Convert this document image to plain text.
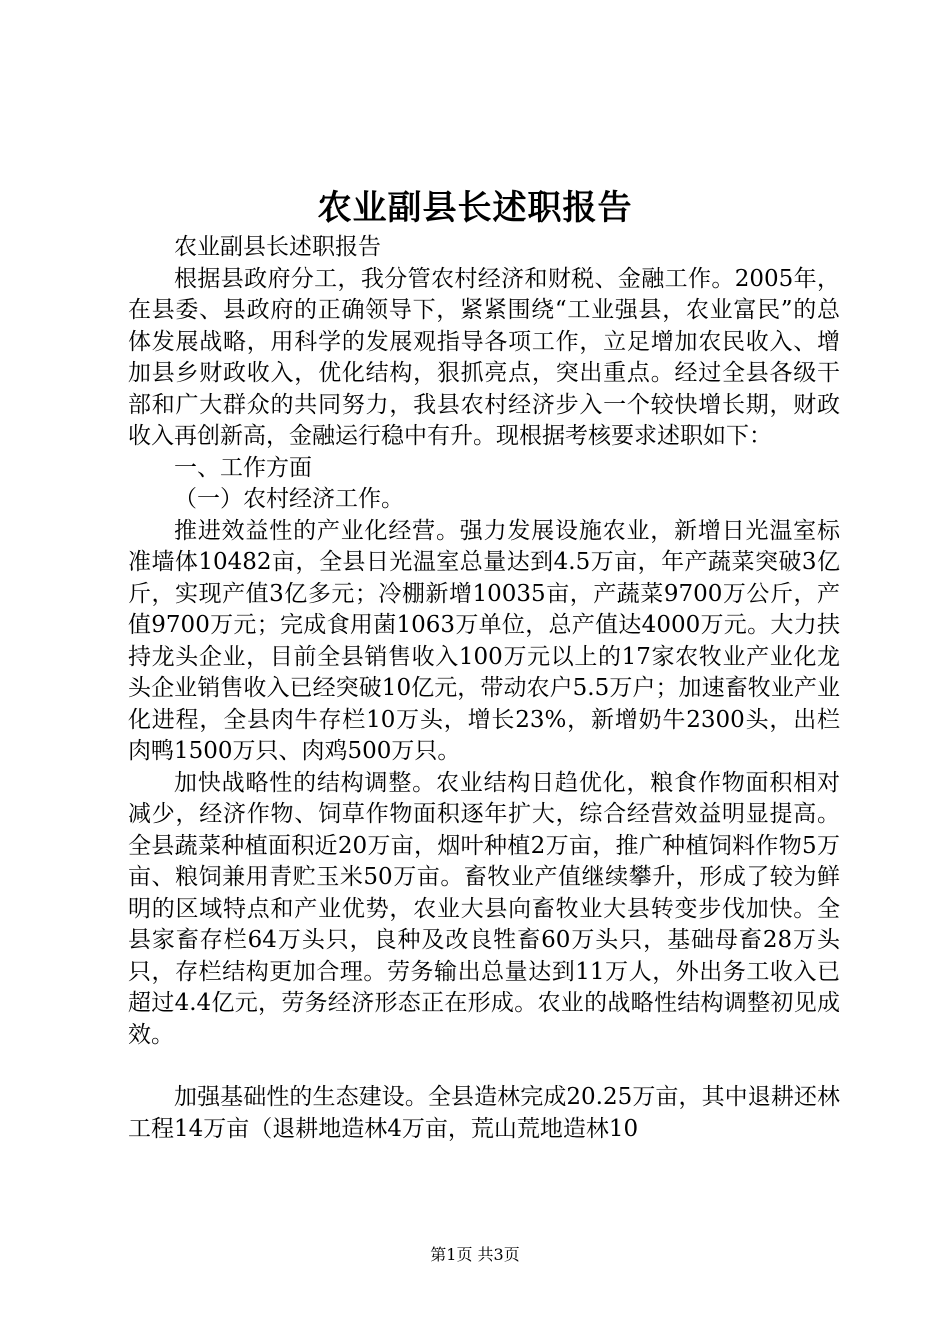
农业副县长述职报告

农业副县长述职报告

根据县政府分工，我分管农村经济和财税、金融工作。2005年，在县委、县政府的正确领导下，紧紧围绕“工业强县，农业富民”的总体发展战略，用科学的发展观指导各项工作，立足增加农民收入、增加县乡财政收入，优化结构，狠抓亮点，突出重点。经过全县各级干部和广大群众的共同努力，我县农村经济步入一个较快增长期，财政收入再创新高，金融运行稳中有升。现根据考核要求述职如下：

一、工作方面

（一）农村经济工作。

推进效益性的产业化经营。强力发展设施农业，新增日光温室标准墙体10482亩，全县日光温室总量达到4.5万亩，年产蔬菜突破3亿斤，实现产值3亿多元；冷棚新增10035亩，产蔬菜9700万公斤，产值9700万元；完成食用菌1063万单位，总产值达4000万元。大力扶持龙头企业，目前全县销售收入100万元以上的17家农牧业产业化龙头企业销售收入已经突破10亿元，带动农户5.5万户；加速畜牧业产业化进程，全县肉牛存栏10万头，增长23%，新增奶牛2300头，出栏肉鸭1500万只、肉鸡500万只。

加快战略性的结构调整。农业结构日趋优化，粮食作物面积相对减少，经济作物、饲草作物面积逐年扩大，综合经营效益明显提高。全县蔬菜种植面积近20万亩，烟叶种植2万亩，推广种植饲料作物5万亩、粮饲兼用青贮玉米50万亩。畜牧业产值继续攀升，形成了较为鲜明的区域特点和产业优势，农业大县向畜牧业大县转变步伐加快。全县家畜存栏64万头只，良种及改良牲畜60万头只，基础母畜28万头只，存栏结构更加合理。劳务输出总量达到11万人，外出务工收入已超过4.4亿元，劳务经济形态正在形成。农业的战略性结构调整初见成效。

加强基础性的生态建设。全县造林完成20.25万亩，其中退耕还林工程14万亩（退耕地造林4万亩，荒山荒地造林10

第1页 共3页
